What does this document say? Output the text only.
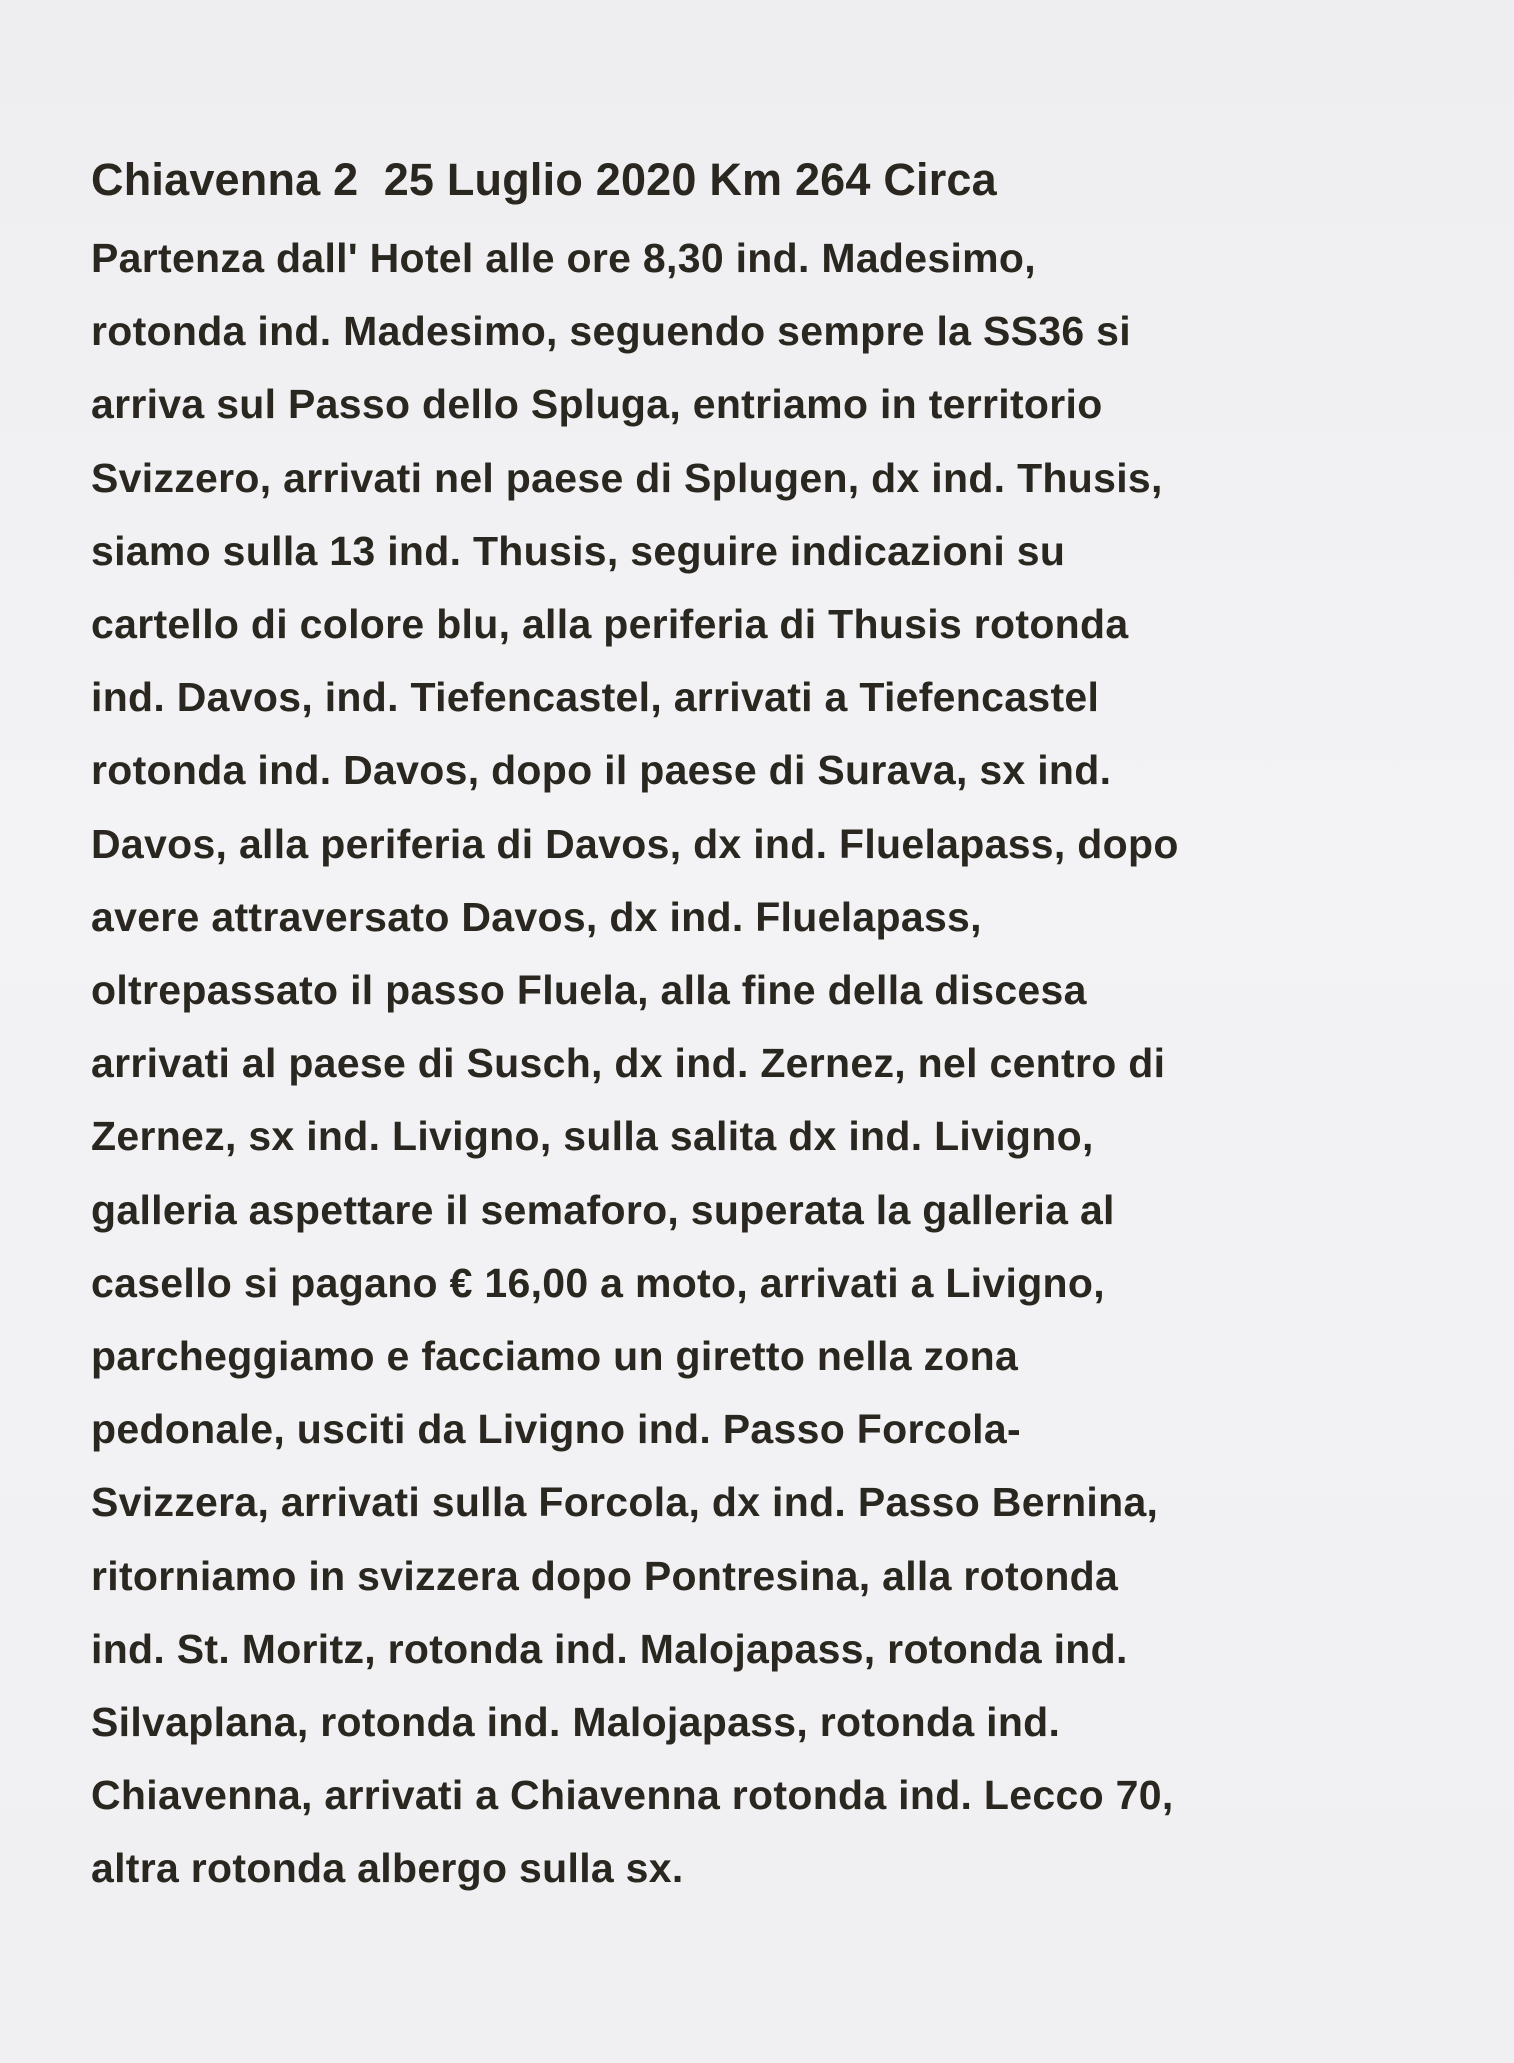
Chiavenna 2  25 Luglio 2020 Km 264 Circa
Partenza dall' Hotel alle ore 8,30 ind. Madesimo,
rotonda ind. Madesimo, seguendo sempre la SS36 si
arriva sul Passo dello Spluga, entriamo in territorio
Svizzero, arrivati nel paese di Splugen, dx ind. Thusis,
siamo sulla 13 ind. Thusis, seguire indicazioni su
cartello di colore blu, alla periferia di Thusis rotonda
ind. Davos, ind. Tiefencastel, arrivati a Tiefencastel
rotonda ind. Davos, dopo il paese di Surava, sx ind.
Davos, alla periferia di Davos, dx ind. Fluelapass, dopo
avere attraversato Davos, dx ind. Fluelapass,
oltrepassato il passo Fluela, alla fine della discesa
arrivati al paese di Susch, dx ind. Zernez, nel centro di
Zernez, sx ind. Livigno, sulla salita dx ind. Livigno,
galleria aspettare il semaforo, superata la galleria al
casello si pagano € 16,00 a moto, arrivati a Livigno,
parcheggiamo e facciamo un giretto nella zona
pedonale, usciti da Livigno ind. Passo Forcola-
Svizzera, arrivati sulla Forcola, dx ind. Passo Bernina,
ritorniamo in svizzera dopo Pontresina, alla rotonda
ind. St. Moritz, rotonda ind. Malojapass, rotonda ind.
Silvaplana, rotonda ind. Malojapass, rotonda ind.
Chiavenna, arrivati a Chiavenna rotonda ind. Lecco 70,
altra rotonda albergo sulla sx.
